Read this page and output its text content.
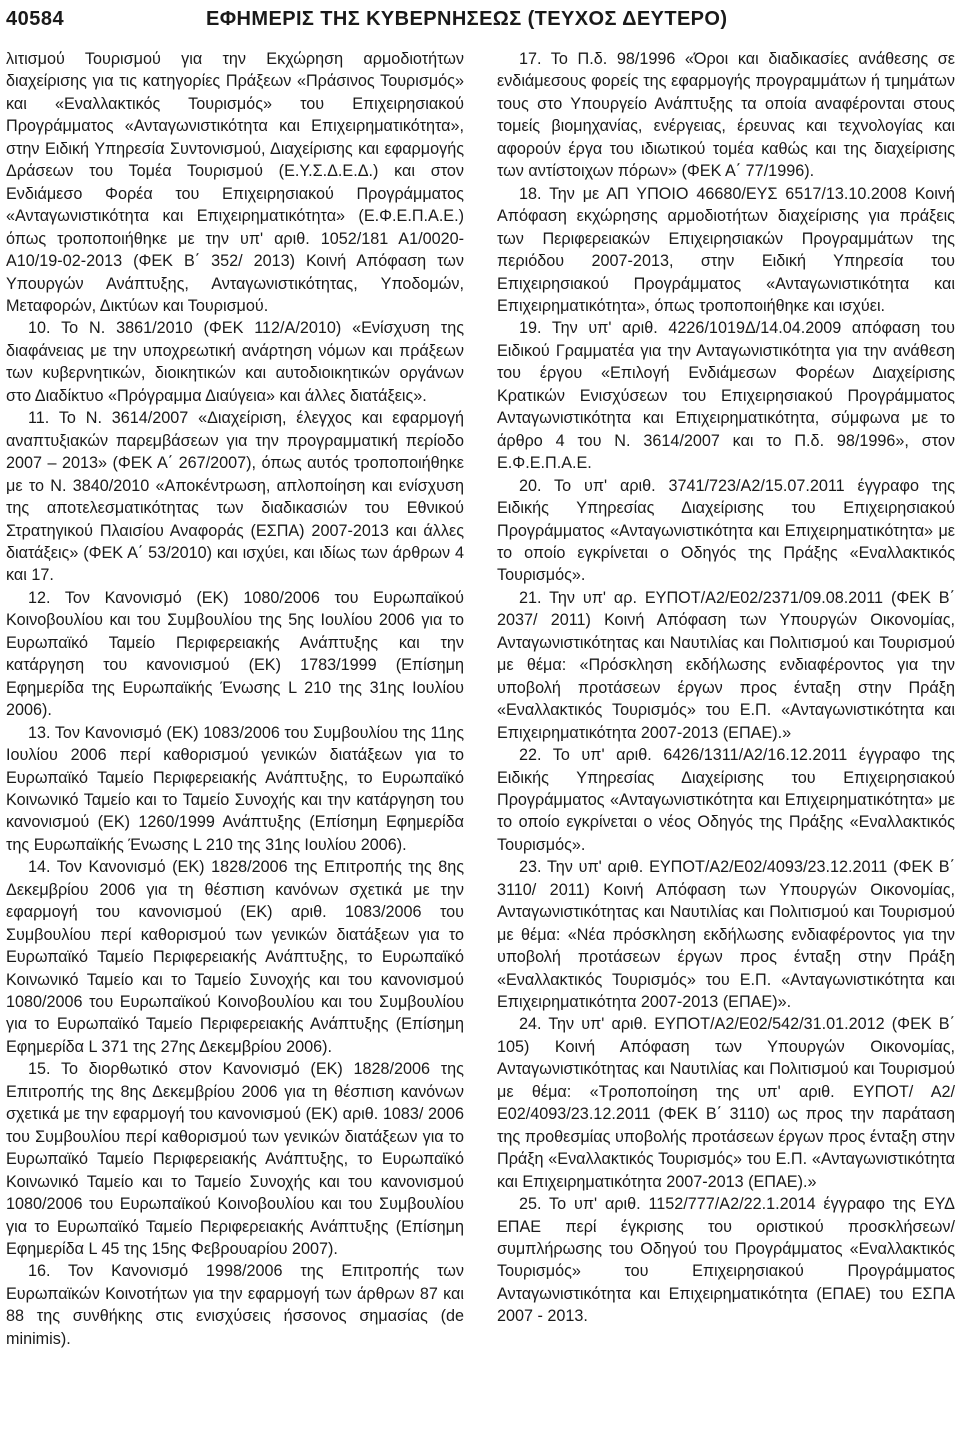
40584	ΕΦΗΜΕΡΙΣ ΤΗΣ ΚΥΒΕΡΝΗΣΕΩΣ (ΤΕΥΧΟΣ ΔΕΥΤΕΡΟ)

λιτισμού Τουρισμού για την Εκχώρηση αρμοδιοτήτων διαχείρισης για τις κατηγορίες Πράξεων «Πράσινος Τουρισμός» και «Εναλλακτικός Τουρισμός» του Επιχειρησιακού Προγράμματος «Ανταγωνιστικότητα και Επιχειρηματικότητα», στην Ειδική Υπηρεσία Συντονισμού, Διαχείρισης και εφαρμογής Δράσεων του Τομέα Τουρισμού (Ε.Υ.Σ.Δ.Ε.Δ.) και στον Ενδιάμεσο Φορέα του Επιχειρησιακού Προγράμματος «Ανταγωνιστικότητα και Επιχειρηματικότητα» (Ε.Φ.Ε.Π.Α.Ε.) όπως τροποποιήθηκε με την υπ' αριθ. 1052/181 Α1/0020-Α10/19-02-2013 (ΦΕΚ Β΄ 352/ 2013) Κοινή Απόφαση των Υπουργών Ανάπτυξης, Ανταγωνιστικότητας, Υποδομών, Μεταφορών, Δικτύων και Τουρισμού.

10. Το Ν. 3861/2010 (ΦΕΚ 112/Α/2010) «Ενίσχυση της διαφάνειας με την υποχρεωτική ανάρτηση νόμων και πράξεων των κυβερνητικών, διοικητικών και αυτοδιοικητικών οργάνων στο Διαδίκτυο «Πρόγραμμα Διαύγεια» και άλλες διατάξεις».

11. Το Ν. 3614/2007 «Διαχείριση, έλεγχος και εφαρμογή αναπτυξιακών παρεμβάσεων για την προγραμματική περίοδο 2007 – 2013» (ΦΕΚ Α΄ 267/2007), όπως αυτός τροποποιήθηκε με το Ν. 3840/2010 «Αποκέντρωση, απλοποίηση και ενίσχυση της αποτελεσματικότητας των διαδικασιών του Εθνικού Στρατηγικού Πλαισίου Αναφοράς (ΕΣΠΑ) 2007-2013 και άλλες διατάξεις» (ΦΕΚ Α΄ 53/2010) και ισχύει, και ιδίως των άρθρων 4 και 17.

12. Τον Κανονισμό (ΕΚ) 1080/2006 του Ευρωπαϊκού Κοινοβουλίου και του Συμβουλίου της 5ης Ιουλίου 2006 για το Ευρωπαϊκό Ταμείο Περιφερειακής Ανάπτυξης και την κατάργηση του κανονισμού (ΕΚ) 1783/1999 (Επίσημη Εφημερίδα της Ευρωπαϊκής Ένωσης L 210 της 31ης Ιουλίου 2006).

13. Τον Κανονισμό (ΕΚ) 1083/2006 του Συμβουλίου της 11ης Ιουλίου 2006 περί καθορισμού γενικών διατάξεων για το Ευρωπαϊκό Ταμείο Περιφερειακής Ανάπτυξης, το Ευρωπαϊκό Κοινωνικό Ταμείο και το Ταμείο Συνοχής και την κατάργηση του κανονισμού (ΕΚ) 1260/1999 Ανάπτυξης (Επίσημη Εφημερίδα της Ευρωπαϊκής Ένωσης L 210 της 31ης Ιουλίου 2006).

14. Τον Κανονισμό (ΕΚ) 1828/2006 της Επιτροπής της 8ης Δεκεμβρίου 2006 για τη θέσπιση κανόνων σχετικά με την εφαρμογή του κανονισμού (ΕΚ) αριθ. 1083/2006 του Συμβουλίου περί καθορισμού των γενικών διατάξεων για το Ευρωπαϊκό Ταμείο Περιφερειακής Ανάπτυξης, το Ευρωπαϊκό Κοινωνικό Ταμείο και το Ταμείο Συνοχής και του κανονισμού 1080/2006 του Ευρωπαϊκού Κοινοβουλίου και του Συμβουλίου για το Ευρωπαϊκό Ταμείο Περιφερειακής Ανάπτυξης (Επίσημη Εφημερίδα L 371 της 27ης Δεκεμβρίου 2006).

15. Το διορθωτικό στον Κανονισμό (ΕΚ) 1828/2006 της Επιτροπής της 8ης Δεκεμβρίου 2006 για τη θέσπιση κανόνων σχετικά με την εφαρμογή του κανονισμού (ΕΚ) αριθ. 1083/ 2006 του Συμβουλίου περί καθορισμού των γενικών διατάξεων για το Ευρωπαϊκό Ταμείο Περιφερειακής Ανάπτυξης, το Ευρωπαϊκό Κοινωνικό Ταμείο και το Ταμείο Συνοχής και του κανονισμού 1080/2006 του Ευρωπαϊκού Κοινοβουλίου και του Συμβουλίου για το Ευρωπαϊκό Ταμείο Περιφερειακής Ανάπτυξης (Επίσημη Εφημερίδα L 45 της 15ης Φεβρουαρίου 2007).

16. Τον Κανονισμό 1998/2006 της Επιτροπής των Ευρωπαϊκών Κοινοτήτων για την εφαρμογή των άρθρων 87 και 88 της συνθήκης στις ενισχύσεις ήσσονος σημασίας (de minimis).

17. Το Π.δ. 98/1996 «Όροι και διαδικασίες ανάθεσης σε ενδιάμεσους φορείς της εφαρμογής προγραμμάτων ή τμημάτων τους στο Υπουργείο Ανάπτυξης τα οποία αναφέρονται στους τομείς βιομηχανίας, ενέργειας, έρευνας και τεχνολογίας και αφορούν έργα του ιδιωτικού τομέα καθώς και της διαχείρισης των αντίστοιχων πόρων» (ΦΕΚ Α΄ 77/1996).

18. Την με ΑΠ ΥΠΟΙΟ 46680/ΕΥΣ 6517/13.10.2008 Κοινή Απόφαση εκχώρησης αρμοδιοτήτων διαχείρισης για πράξεις των Περιφερειακών Επιχειρησιακών Προγραμμάτων της περιόδου 2007-2013, στην Ειδική Υπηρεσία του Επιχειρησιακού Προγράμματος «Ανταγωνιστικότητα και Επιχειρηματικότητα», όπως τροποποιήθηκε και ισχύει.

19. Την υπ' αριθ. 4226/1019Δ/14.04.2009 απόφαση του Ειδικού Γραμματέα για την Ανταγωνιστικότητα για την ανάθεση του έργου «Επιλογή Ενδιάμεσων Φορέων Διαχείρισης Κρατικών Ενισχύσεων του Επιχειρησιακού Προγράμματος Ανταγωνιστικότητα και Επιχειρηματικότητα, σύμφωνα με το άρθρο 4 του Ν. 3614/2007 και το Π.δ. 98/1996», στον Ε.Φ.Ε.Π.Α.Ε.

20. Το υπ' αριθ. 3741/723/Α2/15.07.2011 έγγραφο της Ειδικής Υπηρεσίας Διαχείρισης του Επιχειρησιακού Προγράμματος «Ανταγωνιστικότητα και Επιχειρηματικότητα» με το οποίο εγκρίνεται ο Οδηγός της Πράξης «Εναλλακτικός Τουρισμός».

21. Την υπ' αρ. ΕΥΠΟΤ/Α2/Ε02/2371/09.08.2011 (ΦΕΚ Β΄ 2037/ 2011) Κοινή Απόφαση των Υπουργών Οικονομίας, Ανταγωνιστικότητας και Ναυτιλίας και Πολιτισμού και Τουρισμού με θέμα: «Πρόσκληση εκδήλωσης ενδιαφέροντος για την υποβολή προτάσεων έργων προς ένταξη στην Πράξη «Εναλλακτικός Τουρισμός» του Ε.Π. «Ανταγωνιστικότητα και Επιχειρηματικότητα 2007-2013 (ΕΠΑΕ).»

22. Το υπ' αριθ. 6426/1311/Α2/16.12.2011 έγγραφο της Ειδικής Υπηρεσίας Διαχείρισης του Επιχειρησιακού Προγράμματος «Ανταγωνιστικότητα και Επιχειρηματικότητα» με το οποίο εγκρίνεται ο νέος Οδηγός της Πράξης «Εναλλακτικός Τουρισμός».

23. Την υπ' αριθ. ΕΥΠΟΤ/Α2/Ε02/4093/23.12.2011 (ΦΕΚ Β΄ 3110/ 2011) Κοινή Απόφαση των Υπουργών Οικονομίας, Ανταγωνιστικότητας και Ναυτιλίας και Πολιτισμού και Τουρισμού με θέμα: «Νέα πρόσκληση εκδήλωσης ενδιαφέροντος για την υποβολή προτάσεων έργων προς ένταξη στην Πράξη «Εναλλακτικός Τουρισμός» του Ε.Π. «Ανταγωνιστικότητα και Επιχειρηματικότητα 2007-2013 (ΕΠΑΕ)».

24. Την υπ' αριθ. ΕΥΠΟΤ/Α2/Ε02/542/31.01.2012 (ΦΕΚ Β΄ 105) Κοινή Απόφαση των Υπουργών Οικονομίας, Ανταγωνιστικότητας και Ναυτιλίας και Πολιτισμού και Τουρισμού με θέμα: «Τροποποίηση της υπ' αριθ. ΕΥΠΟΤ/ Α2/ Ε02/4093/23.12.2011 (ΦΕΚ Β΄ 3110) ως προς την παράταση της προθεσμίας υποβολής προτάσεων έργων προς ένταξη στην Πράξη «Εναλλακτικός Τουρισμός» του Ε.Π. «Ανταγωνιστικότητα και Επιχειρηματικότητα 2007-2013 (ΕΠΑΕ).»

25. Το υπ' αριθ. 1152/777/Α2/22.1.2014 έγγραφο της ΕΥΔ ΕΠΑΕ περί έγκρισης του οριστικού προσκλήσεων/ συμπλήρωσης του Οδηγού του Προγράμματος «Εναλλακτικός Τουρισμός» του Επιχειρησιακού Προγράμματος Ανταγωνιστικότητα και Επιχειρηματικότητα (ΕΠΑΕ) του ΕΣΠΑ 2007 - 2013.
